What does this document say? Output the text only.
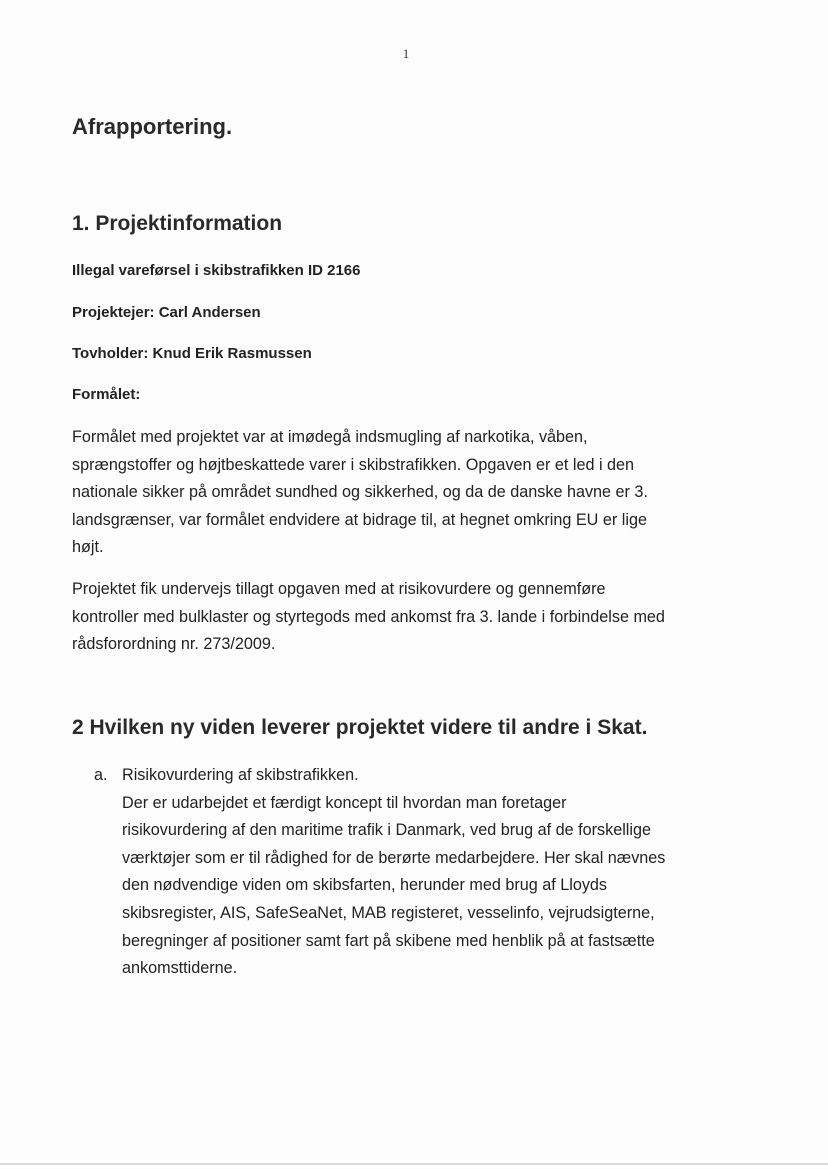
1
Afrapportering.
1. Projektinformation
Illegal vareførsel i skibstrafikken ID 2166
Projektejer: Carl Andersen
Tovholder: Knud Erik Rasmussen
Formålet:

Formålet med projektet var at imødegå indsmugling af narkotika, våben,
sprængstoffer og højtbeskattede varer i skibstrafikken. Opgaven er et led i den
nationale sikker på området sundhed og sikkerhed, og da de danske havne er 3.
landsgrænser, var formålet endvidere at bidrage til, at hegnet omkring EU er lige
højt.

Projektet fik undervejs tillagt opgaven med at risikovurdere og gennemføre
kontroller med bulklaster og styrtegods med ankomst fra 3. lande i forbindelse med
rådsforordning nr. 273/2009.

2 Hvilken ny viden leverer projektet videre til andre i Skat.
a. Risikovurdering af skibstrafikken.
Der er udarbejdet et færdigt koncept til hvordan man foretager
risikovurdering af den maritime trafik i Danmark, ved brug af de forskellige
værktøjer som er til rådighed for de berørte medarbejdere. Her skal nævnes
den nødvendige viden om skibsfarten, herunder med brug af Lloyds
skibsregister, AIS, SafeSeaNet, MAB registeret, vesselinfo, vejrudsigterne,
beregninger af positioner samt fart på skibene med henblik på at fastsætte
ankomsttiderne.
